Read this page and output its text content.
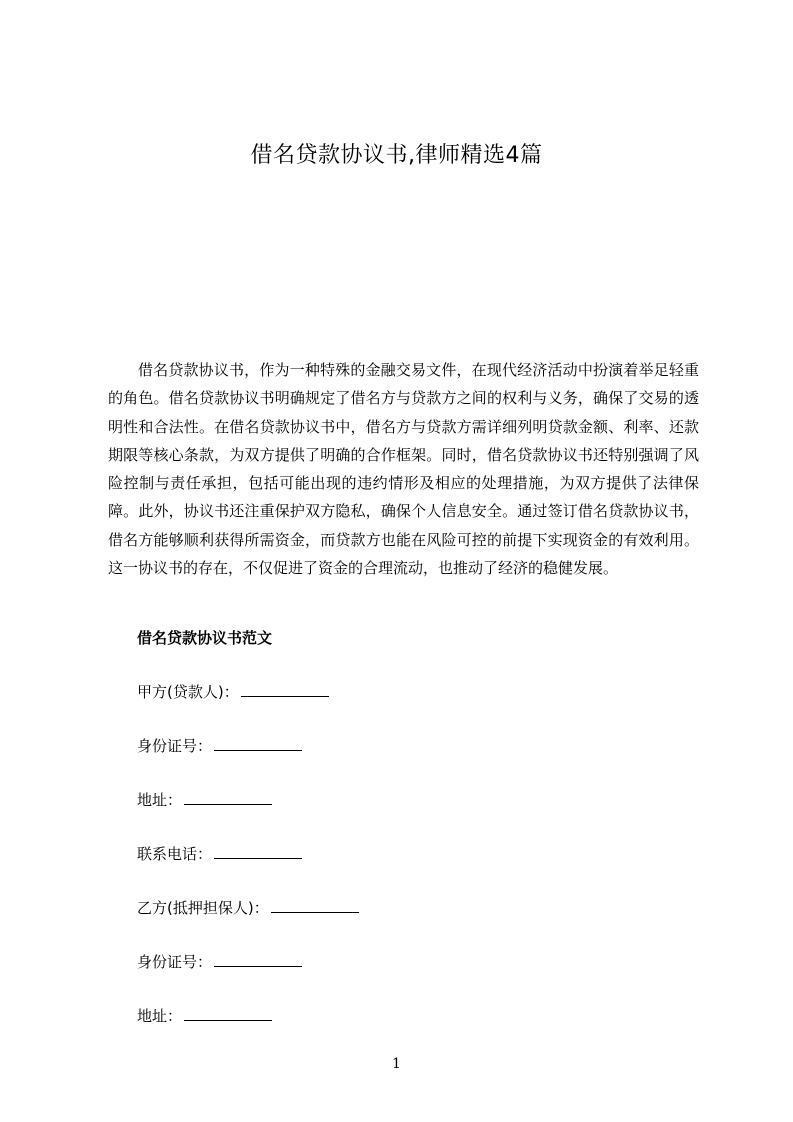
借名贷款协议书,律师精选4篇

借名贷款协议书，作为一种特殊的金融交易文件，在现代经济活动中扮演着举足轻重的角色。借名贷款协议书明确规定了借名方与贷款方之间的权利与义务，确保了交易的透明性和合法性。在借名贷款协议书中，借名方与贷款方需详细列明贷款金额、利率、还款期限等核心条款，为双方提供了明确的合作框架。同时，借名贷款协议书还特别强调了风险控制与责任承担，包括可能出现的违约情形及相应的处理措施，为双方提供了法律保障。此外，协议书还注重保护双方隐私，确保个人信息安全。通过签订借名贷款协议书，借名方能够顺利获得所需资金，而贷款方也能在风险可控的前提下实现资金的有效利用。这一协议书的存在，不仅促进了资金的合理流动，也推动了经济的稳健发展。

借名贷款协议书范文
甲方(贷款人)：
身份证号：
地址：
联系电话：
乙方(抵押担保人)：
身份证号：
地址：
1
